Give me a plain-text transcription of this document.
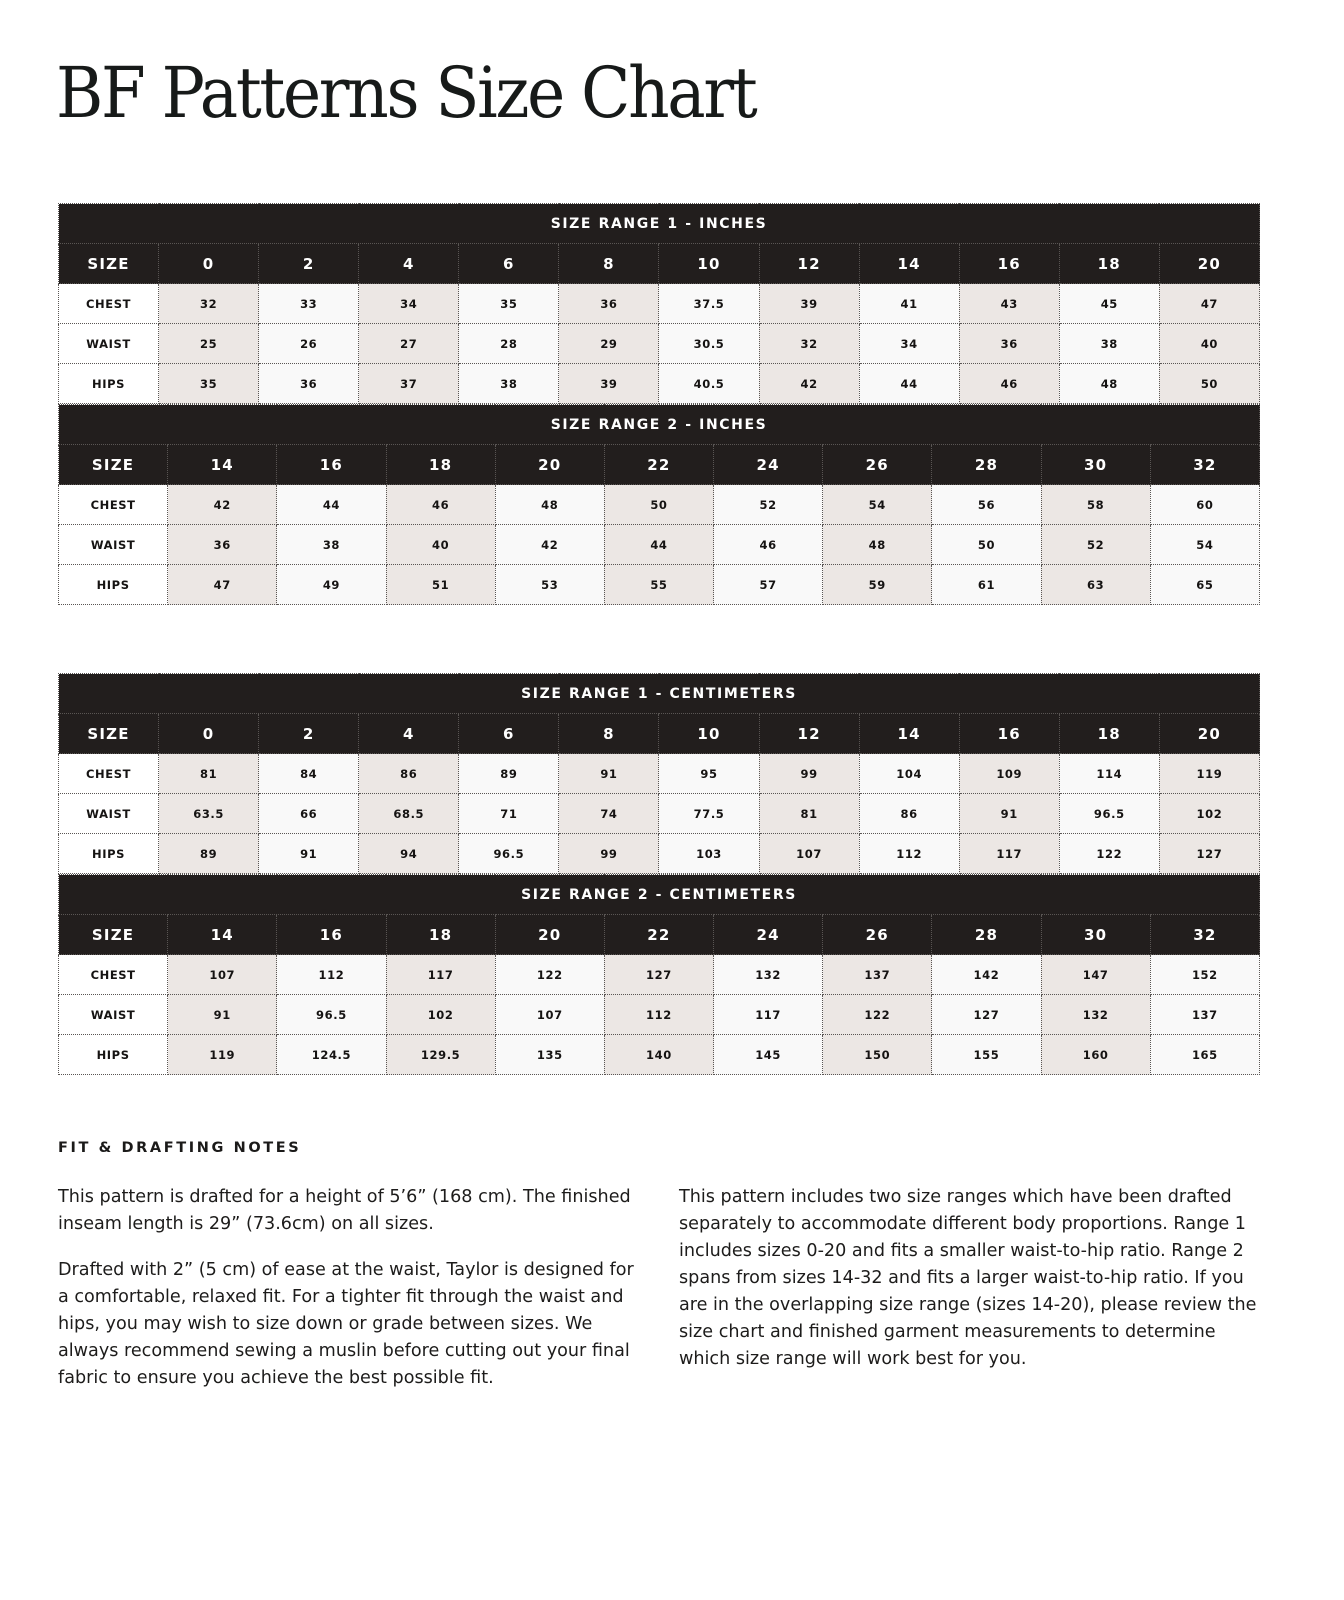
BF Patterns Size Chart
SIZE RANGE 1 - INCHES											
SIZE	0	2	4	6	8	10	12	14	16	18	20
CHEST	32	33	34	35	36	37.5	39	41	43	45	47
WAIST	25	26	27	28	29	30.5	32	34	36	38	40
HIPS	35	36	37	38	39	40.5	42	44	46	48	50
SIZE RANGE 2 - INCHES										
SIZE	14	16	18	20	22	24	26	28	30	32
CHEST	42	44	46	48	50	52	54	56	58	60
WAIST	36	38	40	42	44	46	48	50	52	54
HIPS	47	49	51	53	55	57	59	61	63	65
SIZE RANGE 1 - CENTIMETERS											
SIZE	0	2	4	6	8	10	12	14	16	18	20
CHEST	81	84	86	89	91	95	99	104	109	114	119
WAIST	63.5	66	68.5	71	74	77.5	81	86	91	96.5	102
HIPS	89	91	94	96.5	99	103	107	112	117	122	127
SIZE RANGE 2 - CENTIMETERS										
SIZE	14	16	18	20	22	24	26	28	30	32
CHEST	107	112	117	122	127	132	137	142	147	152
WAIST	91	96.5	102	107	112	117	122	127	132	137
HIPS	119	124.5	129.5	135	140	145	150	155	160	165
FIT & DRAFTING NOTES

This pattern is drafted for a height of 5’6” (168 cm). The finished inseam length is 29” (73.6cm) on all sizes.

Drafted with 2” (5 cm) of ease at the waist, Taylor is designed for a comfortable, relaxed fit. For a tighter fit through the waist and hips, you may wish to size down or grade between sizes. We always recommend sewing a muslin before cutting out your final fabric to ensure you achieve the best possible fit.

This pattern includes two size ranges which have been drafted separately to accommodate different body proportions. Range 1 includes sizes 0-20 and fits a smaller waist-to-hip ratio. Range 2 spans from sizes 14-32 and fits a larger waist-to-hip ratio. If you are in the overlapping size range (sizes 14-20), please review the size chart and finished garment measurements to determine which size range will work best for you.
